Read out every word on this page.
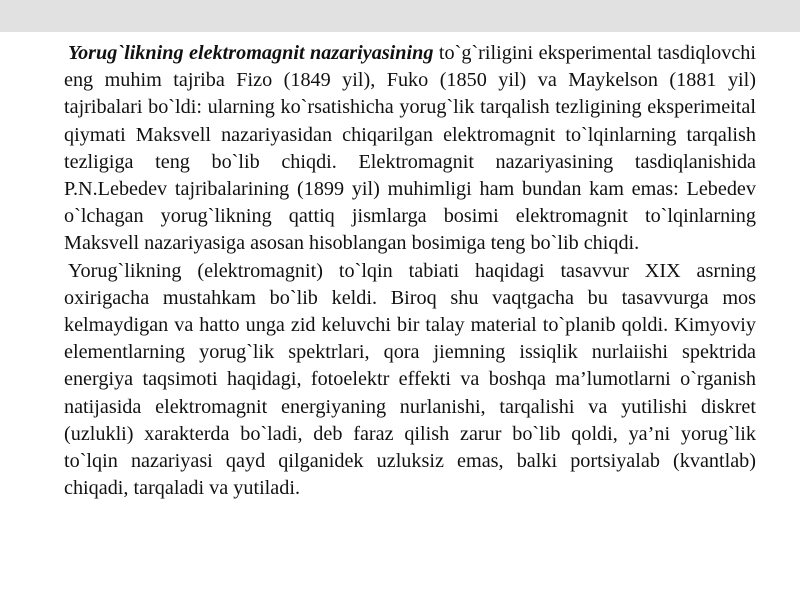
Yorug`likning elektromagnit nazariyasining to`g`riligini eksperimental tasdiqlovchi eng muhim tajriba Fizo (1849 yil), Fuko (1850 yil) va Maykelson (1881 yil) tajribalari bo`ldi: ularning ko`rsatishicha yorug`lik tarqalish tezligining eksperimeital qiymati Maksvell nazariyasidan chiqarilgan elektromagnit to`lqinlarning tarqalish tezligiga teng bo`lib chiqdi. Elektromagnit nazariyasining tasdiqlanishida P.N.Lebedev tajribalarining (1899 yil) muhimligi ham bundan kam emas: Lebedev o`lchagan yorug`likning qattiq jismlarga bosimi elektromagnit to`lqinlarning Maksvell nazariyasiga asosan hisoblangan bosimiga teng bo`lib chiqdi.

Yorug`likning (elektromagnit) to`lqin tabiati haqidagi tasavvur XIX asrning oxirigacha mustahkam bo`lib keldi. Biroq shu vaqtgacha bu tasavvurga mos kelmaydigan va hatto unga zid keluvchi bir talay material to`planib qoldi. Kimyoviy elementlarning yorug`lik spektrlari, qora jiemning issiqlik nurlaiishi spektrida energiya taqsimoti haqidagi, fotoelektr effekti va boshqa ma’lumotlarni o`rganish natijasida elektromagnit energiyaning nurlanishi, tarqalishi va yutilishi diskret (uzlukli) xarakterda bo`ladi, deb faraz qilish zarur bo`lib qoldi, ya’ni yorug`lik to`lqin nazariyasi qayd qilganidek uzluksiz emas, balki portsiyalab (kvantlab) chiqadi, tarqaladi va yutiladi.
